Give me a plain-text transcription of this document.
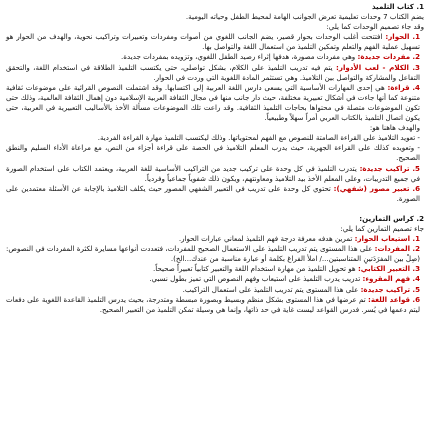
1. كتاب التلميذ

يضم الكتاب 7 وحدات تعليمية تعرض الجوانب الهامة لمحيط الطفل وحياته اليومية.

وقد جاء تصميم الوحدات كما يلي:

1. الحوار: افتتحت أغلب الوحدات بحوار قصير، يضم الجانب اللغوي من أصوات ومفردات وتعبيرات وتراكيب نحوية، والهدف من الحوار هو تسهيل عملية الفهم والتعلم وتمكين التلميذ من استعمال اللغة والتواصل بها.

2. مفردات جديدة: وهي مفردات مصورة، هدفها إثراء رصيد الطفل اللغوي، وتزويده بمفردات جديدة.

3. الكلام - لعب الأدوار: يتم فيه تدريب التلميذ على الكلام، بشكل تواصلي، حتى يكتسب التلميذ الطلاقة في استخدام اللغة، والتحقق التفاعل والمشاركة والتواصل بين التلاميذ. وهي تستثمر المادة اللغوية التي وردت في الحوار.

4. قراءة: هي إحدى المهارات الأساسية التي يسعى دارس اللغة العربية إلى اكتسابها. وقد اشتملت النصوص القرائية على موضوعات ثقافية متنوعة كما أنها جاءت في أشكال تعبيرية مختلفة، حيث دار جانب منها في مجال الثقافة العربية الإسلامية دون إهمال الثقافة العالمية، وذلك حتى تكون الموضوعات متصلة في محتواها بحاجات التلميذ الثقافية. وقد راعت تلك الموضوعات مسألة الأخذ بالأساليب التعبيرية في العربية، حتى يكون اتصال التلميذ بالكتاب العربي أمراً سهلاً وطبيعياً.

والهدف هاهنا هو:

- تعويد التلاميذ على القراءة الصامتة للنصوص مع الفهم لمحتوياتها. وذلك ليكتسب التلميذ مهارة القراءة الفردية.

- وتعويده كذلك على القراءة الجهرية، حيث يدرب المعلم التلاميذ في الحصة على قراءة أجزاء من النص، مع مراعاة الأداء السليم والنطق الصحيح.

5. تراكيب جديدة: يتدرب التلميذ في كل وحدة على تركيب جديد من التراكيب الأساسية للغة العربية، ويعتمد الكتاب على استخدام الصورة في جميع التدريبات، وعلى المعلم الأخذ بيد التلاميذ ومعاونتهم، ويكون ذلك شفوياً جماعياً وفردياً.

6. تعبير مصور (شفهي): تحتوي كل وحدة على تدريب في التعبير الشفهي المصور حيث يكلف التلاميذ بالإجابة عن الأسئلة معتمدين على الصورة.

2. كراس التمارين:

جاء تصميم التمارين كما يلي:

1. استيعاب الحوار: تمرين هدفه معرفة درجة فهم التلميذ لمعاني عبارات الحوار.

2. المفردات: على هذا المستوى يتم تدريب التلميذ على الاستعمال الصحيح للمفردات، فتعددت أنواعها مسايرة لكثرة المفردات في النصوص: (صِلْ بين المفرَدَتينِ المتناسبتين.../ املأ الفراغ بكلمة أو عبارة مناسبة من عندك...الخ).

3. التعبير الكتابي: هو تحويل التلميذ من مهارة استخدام اللغة والتعبير كتابياً تعبيراً صحيحاً.

4. فهم المقروء: تدريب يدرب التلميذ على استيعاب وفهم النصوص التي تميز بطول نسبي.

5. تراكيب جديدة: على هذا المستوى يتم تدريب التلميذ على استعمال التراكيب.

6. قواعد اللغة: تم عرضها في هذا المستوى بشكل منظم وبسيط وبصورة مبسطة ومتدرجة، بحيث يدرس التلميذ القاعدة اللغوية على دفعات ليتم دعمها في يُسر. فدرس القواعد ليست غاية في حد ذاتها، وإنما هي وسيلة تمكن التلميذ من التعبير الصحيح.
